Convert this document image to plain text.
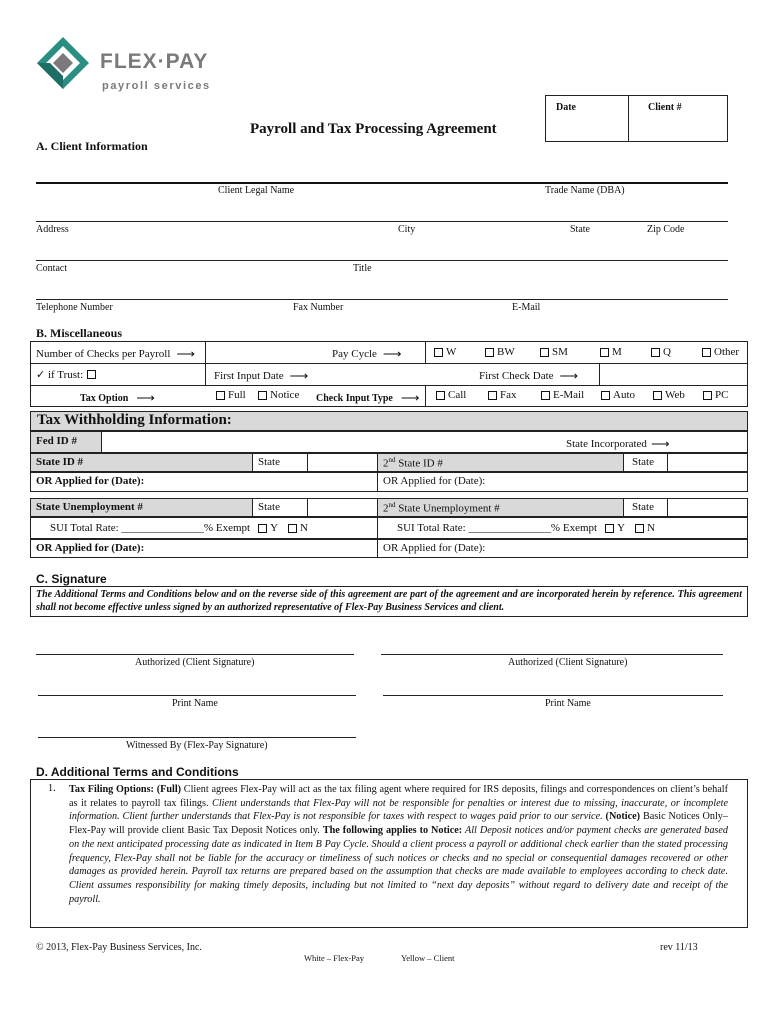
FLEX·PAY
payroll services
Date	Client #
Payroll and Tax Processing Agreement
A. Client Information
Client Legal Name	Trade Name (DBA)
Address	City	State	Zip Code
Contact	Title
Telephone Number	Fax Number	E-Mail
B. Miscellaneous
Number of Checks per Payroll ⟶	Pay Cycle ⟶	W	BW	SM	M	Q	Other
✓ if Trust:	First Input Date ⟶	First Check Date ⟶
Tax Option ⟶	Full Notice Check Input Type ⟶	Call	Fax	E-Mail	Auto	Web	PC
Tax Withholding Information:
Fed ID #	State Incorporated ⟶
State ID #	State	2nd State ID #	State
OR Applied for (Date):	OR Applied for (Date):
State Unemployment #	State	2nd State Unemployment #	State
SUI Total Rate: _______________% Exempt Y N	SUI Total Rate: _______________% Exempt Y N
OR Applied for (Date):	OR Applied for (Date):
C. Signature
The Additional Terms and Conditions below and on the reverse side of this agreement are part of the agreement and are incorporated herein by reference. This agreement shall not become effective unless signed by an authorized representative of Flex-Pay Business Services and client.
Authorized (Client Signature)	Authorized (Client Signature)
Print Name	Print Name
Witnessed By (Flex-Pay Signature)
D. Additional Terms and Conditions
1. Tax Filing Options: (Full) Client agrees Flex-Pay will act as the tax filing agent where required for IRS deposits, filings and correspondences on client’s behalf as it relates to payroll tax filings. Client understands that Flex-Pay will not be responsible for penalties or interest due to missing, inaccurate, or incomplete information. Client further understands that Flex-Pay is not responsible for taxes with respect to wages paid prior to our service. (Notice) Basic Notices Only– Flex-Pay will provide client Basic Tax Deposit Notices only. The following applies to Notice: All Deposit notices and/or payment checks are generated based on the next anticipated processing date as indicated in Item B Pay Cycle. Should a client process a payroll or additional check earlier than the stated processing frequency, Flex-Pay shall not be liable for the accuracy or timeliness of such notices or checks and no special or consequential damages recovered or other damages as provided herein. Payroll tax returns are prepared based on the assumption that checks are made available to employees according to check date. Client assumes responsibility for making timely deposits, including but not limited to “next day deposits” without regard to delivery date and receipt of the payroll.

© 2013, Flex-Pay Business Services, Inc.	rev 11/13
White – Flex-Pay	Yellow – Client
